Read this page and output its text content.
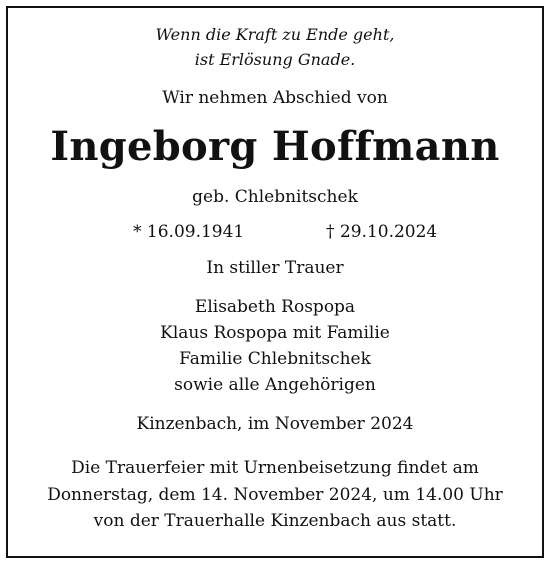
Wenn die Kraft zu Ende geht,
ist Erlösung Gnade.
Wir nehmen Abschied von
Ingeborg Hoffmann
geb. Chlebnitschek
* 16.09.1941	† 29.10.2024
In stiller Trauer
Elisabeth Rospopa
Klaus Rospopa mit Familie
Familie Chlebnitschek
sowie alle Angehörigen
Kinzenbach, im November 2024
Die Trauerfeier mit Urnenbeisetzung findet am
Donnerstag, dem 14. November 2024, um 14.00 Uhr
von der Trauerhalle Kinzenbach aus statt.
